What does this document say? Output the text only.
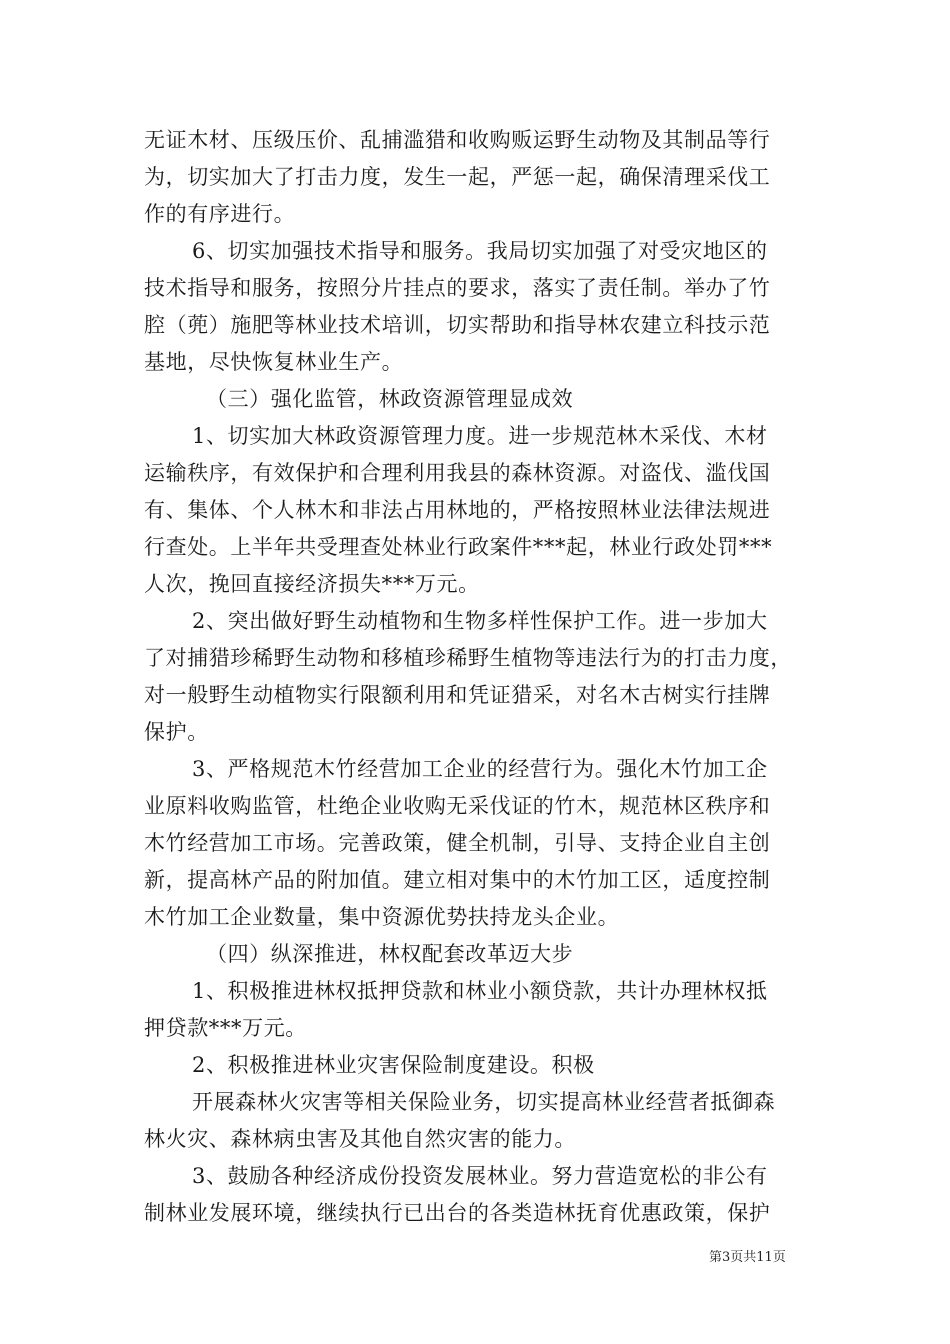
无证木材、压级压价、乱捕滥猎和收购贩运野生动物及其制品等行
为，切实加大了打击力度，发生一起，严惩一起，确保清理采伐工
作的有序进行。
6、切实加强技术指导和服务。我局切实加强了对受灾地区的
技术指导和服务，按照分片挂点的要求，落实了责任制。举办了竹
腔（蔸）施肥等林业技术培训，切实帮助和指导林农建立科技示范
基地，尽快恢复林业生产。
（三）强化监管，林政资源管理显成效
1、切实加大林政资源管理力度。进一步规范林木采伐、木材
运输秩序，有效保护和合理利用我县的森林资源。对盗伐、滥伐国
有、集体、个人林木和非法占用林地的，严格按照林业法律法规进
行查处。上半年共受理查处林业行政案件***起，林业行政处罚***
人次，挽回直接经济损失***万元。
2、突出做好野生动植物和生物多样性保护工作。进一步加大
了对捕猎珍稀野生动物和移植珍稀野生植物等违法行为的打击力度，
对一般野生动植物实行限额利用和凭证猎采，对名木古树实行挂牌
保护。
3、严格规范木竹经营加工企业的经营行为。强化木竹加工企
业原料收购监管，杜绝企业收购无采伐证的竹木，规范林区秩序和
木竹经营加工市场。完善政策，健全机制，引导、支持企业自主创
新，提高林产品的附加值。建立相对集中的木竹加工区，适度控制
木竹加工企业数量，集中资源优势扶持龙头企业。
（四）纵深推进，林权配套改革迈大步
1、积极推进林权抵押贷款和林业小额贷款，共计办理林权抵
押贷款***万元。
2、积极推进林业灾害保险制度建设。积极
开展森林火灾害等相关保险业务，切实提高林业经营者抵御森
林火灾、森林病虫害及其他自然灾害的能力。
3、鼓励各种经济成份投资发展林业。努力营造宽松的非公有
制林业发展环境，继续执行已出台的各类造林抚育优惠政策，保护
第3页共11页
